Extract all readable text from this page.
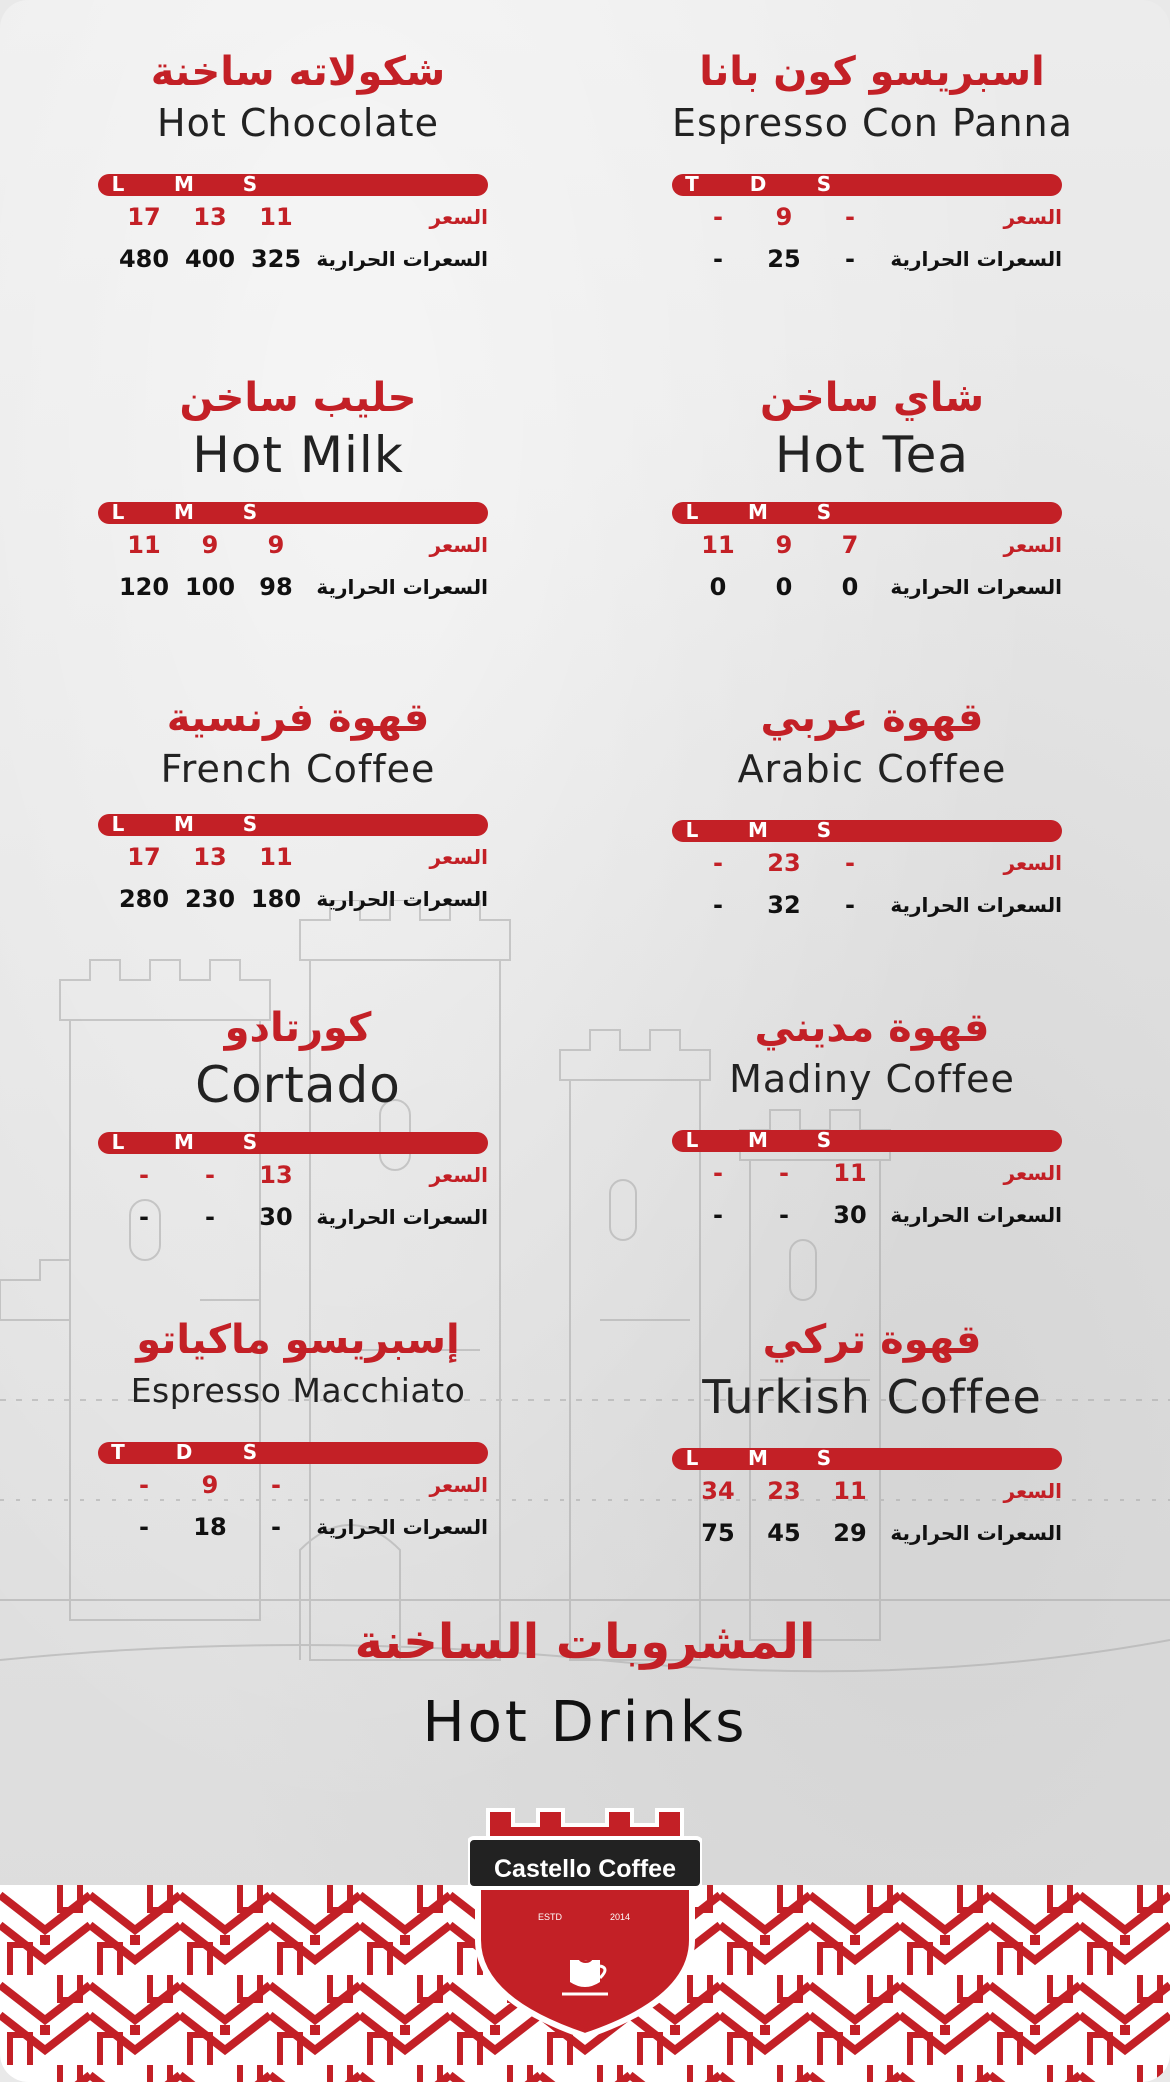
شكولاته ساخنة
Hot Chocolate
L	M	S
17	13	11	السعر
480 400 325 السعرات الحرارية
اسبريسو كون بانا
Espresso Con Panna
T	D	S
-	9	-	السعر
-	25	-	السعرات الحرارية
حليب ساخن
Hot Milk
L	M	S
11	9	9	السعر
120 100	98	السعرات الحرارية
شاي ساخن
Hot Tea
L	M	S
11	9	7	السعر
0	0	0	السعرات الحرارية
قهوة فرنسية
French Coffee
L	M	S
17	13	11	السعر
280 230 180 السعرات الحرارية
قهوة عربي
Arabic Coffee
L	M	S
-	23	-	السعر
-	32	-	السعرات الحرارية
كورتادو
Cortado
L	M	S
-	-	13	السعر
-	-	30	السعرات الحرارية
قهوة مديني
Madiny Coffee
L	M	S
-	-	11	السعر
-	-	30	السعرات الحرارية
إسبريسو ماكياتو
Espresso Macchiato
T	D	S
-	9	-	السعر
-	18	-	السعرات الحرارية
قهوة تركي
Turkish Coffee
L	M	S
34	23	11	السعر
75	45	29	السعرات الحرارية
المشروبات الساخنة
Hot Drinks
Castello Coffee
ESTD	2014
C
